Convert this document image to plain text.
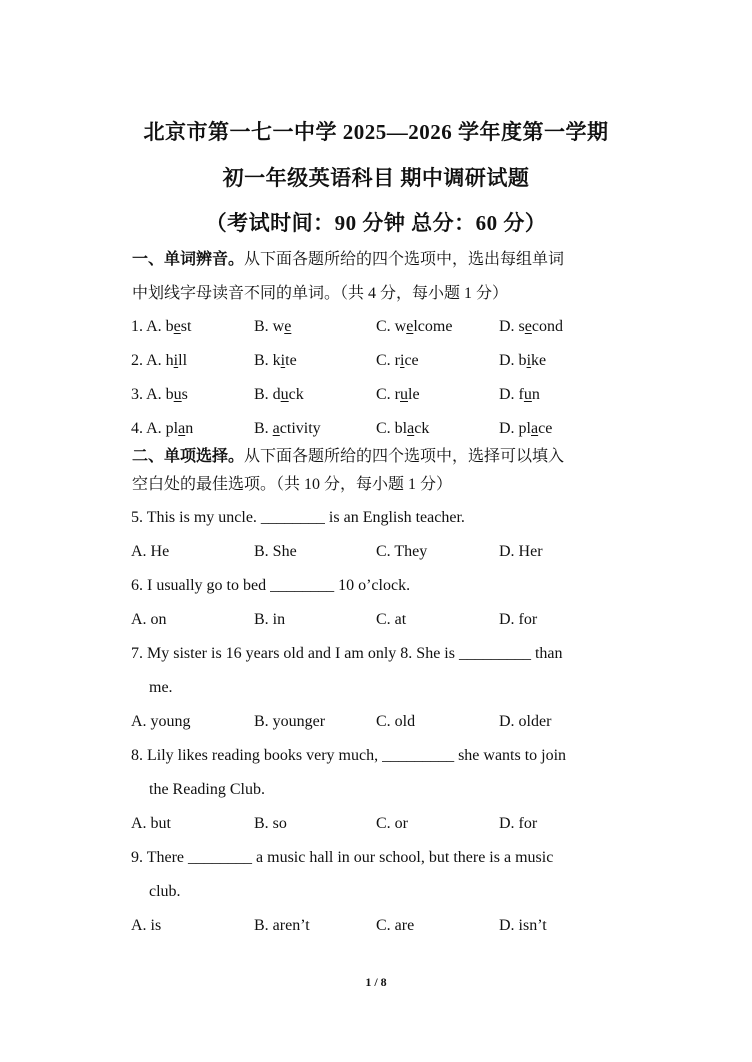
北京市第一七一中学 2025—2026 学年度第一学期
初一年级英语科目 期中调研试题
（考试时间：90 分钟 总分：60 分）
一、单词辨音。从下面各题所给的四个选项中，选出每组单词
中划线字母读音不同的单词。（共 4 分，每小题 1 分）
1. A. best	B. we	C. welcome	D. second
2. A. hill	B. kite	C. rice	D. bike
3. A. bus	B. duck	C. rule	D. fun
4. A. plan	B. activity	C. black	D. place
二、单项选择。从下面各题所给的四个选项中，选择可以填入
空白处的最佳选项。（共 10 分，每小题 1 分）
5. This is my uncle. ________ is an English teacher.
A. He	B. She	C. They	D. Her
6. I usually go to bed ________ 10 o’clock.
A. on	B. in	C. at	D. for
7. My sister is 16 years old and I am only 8. She is _________ than
me.
A. young	B. younger	C. old	D. older
8. Lily likes reading books very much, _________ she wants to join
the Reading Club.
A. but	B. so	C. or	D. for
9. There ________ a music hall in our school, but there is a music
club.
A. is	B. aren’t	C. are	D. isn’t
1 / 8
